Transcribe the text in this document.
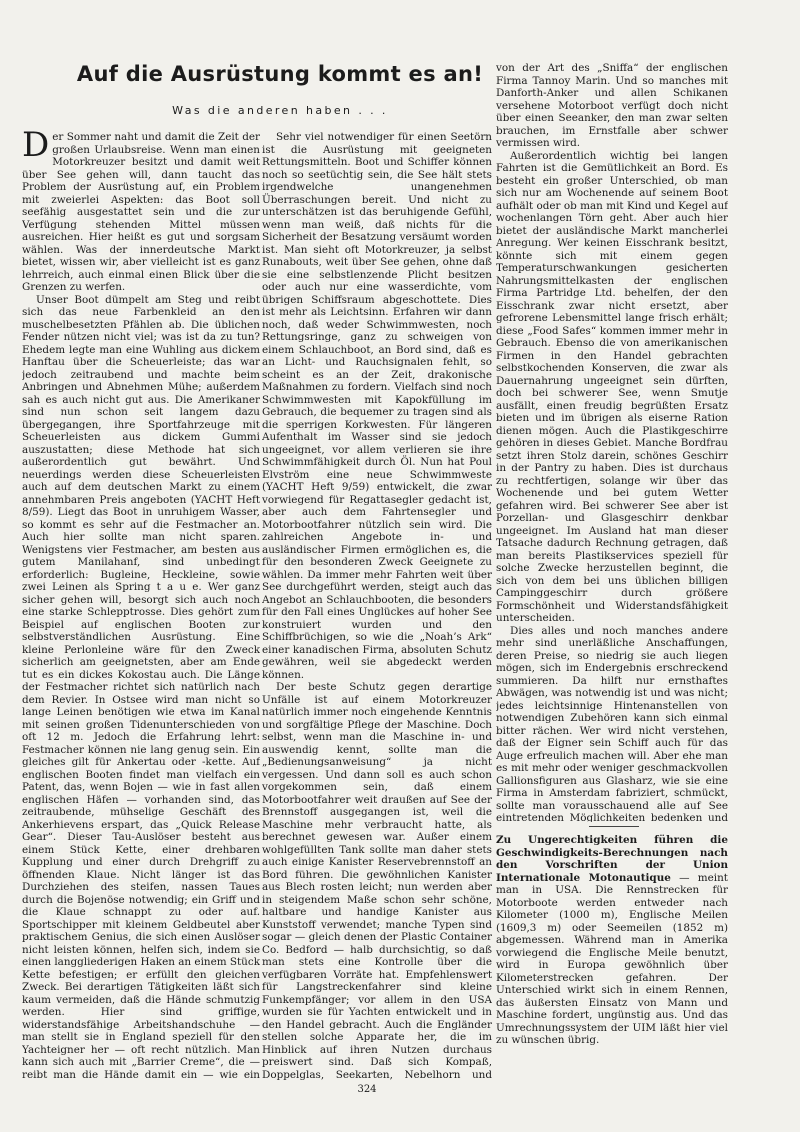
Auf die Ausrüstung kommt es an!
Was die anderen haben . . .

Der Sommer naht und damit die Zeit der großen Urlaubsreise. Wenn man einen Motorkreuzer besitzt und damit weit über See gehen will, dann taucht das Problem der Ausrüstung auf, ein Problem mit zweierlei Aspekten: das Boot soll seefähig ausgestattet sein und die zur Verfügung stehenden Mittel müssen ausreichen. Hier heißt es gut und sorgsam wählen. Was der innerdeutsche Markt bietet, wissen wir, aber vielleicht ist es ganz lehrreich, auch einmal einen Blick über die Grenzen zu werfen.

Unser Boot dümpelt am Steg und reibt sich das neue Farbenkleid an den muschelbesetzten Pfählen ab. Die üblichen Fender nützen nicht viel; was ist da zu tun? Ehedem legte man eine Wuhling aus dickem Hanftau über die Scheuerleiste; das war jedoch zeitraubend und machte beim Anbringen und Abnehmen Mühe; außerdem sah es auch nicht gut aus. Die Amerikaner sind nun schon seit langem dazu übergegangen, ihre Sportfahrzeuge mit Scheuerleisten aus dickem Gummi auszustatten; diese Methode hat sich außerordentlich gut bewährt. Und neuerdings werden diese Scheuerleisten auch auf dem deutschen Markt zu einem annehmbaren Preis angeboten (YACHT Heft 8/59). Liegt das Boot in unruhigem Wasser, so kommt es sehr auf die Festmacher an. Auch hier sollte man nicht sparen. Wenigstens vier Festmacher, am besten aus gutem Manilahanf, sind unbedingt erforderlich: Bugleine, Heckleine, sowie zwei Leinen als Spring t a u e. Wer ganz sicher gehen will, besorgt sich auch noch eine starke Schlepptrosse. Dies gehört zum Beispiel auf englischen Booten zur selbstverständlichen Ausrüstung. Eine kleine Perlonleine wäre für den Zweck sicherlich am geeignetsten, aber am Ende tut es ein dickes Kokostau auch. Die Länge der Festmacher richtet sich natürlich nach dem Revier. In Ostsee wird man nicht so lange Leinen benötigen wie etwa im Kanal mit seinen großen Tidenunterschieden von oft 12 m. Jedoch die Erfahrung lehrt: Festmacher können nie lang genug sein. Ein gleiches gilt für Ankertau oder -kette. Auf englischen Booten findet man vielfach ein Patent, das, wenn Bojen — wie in fast allen englischen Häfen — vorhanden sind, das zeitraubende, mühselige Geschäft des Ankerhievens erspart, das „Quick Release Gear“. Dieser Tau-Auslöser besteht aus einem Stück Kette, einer drehbaren Kupplung und einer durch Drehgriff zu öffnenden Klaue. Nicht länger ist das Durchziehen des steifen, nassen Taues durch die Bojenöse notwendig; ein Griff und die Klaue schnappt zu oder auf. Sportschipper mit kleinem Geldbeutel aber praktischem Genius, die sich einen Auslöser nicht leisten können, helfen sich, indem sie einen langgliederigen Haken an einem Stück Kette befestigen; er erfüllt den gleichen Zweck. Bei derartigen Tätigkeiten läßt sich kaum vermeiden, daß die Hände schmutzig werden. Hier sind griffige, widerstandsfähige Arbeitshandschuhe — man stellt sie in England speziell für den Yachteigner her — oft recht nützlich. Man kann sich auch mit „Barrier Creme“, die — reibt man die Hände damit ein — wie ein

Sehr viel notwendiger für einen Seetörn ist die Ausrüstung mit geeigneten Rettungsmitteln. Boot und Schiffer können noch so seetüchtig sein, die See hält stets irgendwelche unangenehmen Überraschungen bereit. Und nicht zu unterschätzen ist das beruhigende Gefühl, wenn man weiß, daß nichts für die Sicherheit der Besatzung versäumt worden ist. Man sieht oft Motorkreuzer, ja selbst Runabouts, weit über See gehen, ohne daß sie eine selbstlenzende Plicht besitzen oder auch nur eine wasserdichte, vom übrigen Schiffsraum abgeschottete. Dies ist mehr als Leichtsinn. Erfahren wir dann noch, daß weder Schwimmwesten, noch Rettungsringe, ganz zu schweigen von einem Schlauchboot, an Bord sind, daß es an Licht- und Rauchsignalen fehlt, so scheint es an der Zeit, drakonische Maßnahmen zu fordern. Vielfach sind noch Schwimmwesten mit Kapokfüllung im Gebrauch, die bequemer zu tragen sind als die sperrigen Korkwesten. Für längeren Aufenthalt im Wasser sind sie jedoch ungeeignet, vor allem verlieren sie ihre Schwimmfähigkeit durch Öl. Nun hat Poul Elvström eine neue Schwimmweste (YACHT Heft 9/59) entwickelt, die zwar vorwiegend für Regattasegler gedacht ist, aber auch dem Fahrtensegler und Motorbootfahrer nützlich sein wird. Die zahlreichen Angebote in- und ausländischer Firmen ermöglichen es, die für den besonderen Zweck Geeignete zu wählen. Da immer mehr Fahrten weit über See durchgeführt werden, steigt auch das Angebot an Schlauchbooten, die besonders für den Fall eines Unglückes auf hoher See konstruiert wurden und den Schiffbrüchigen, so wie die „Noah’s Ark“ einer kanadischen Firma, absoluten Schutz gewähren, weil sie abgedeckt werden können.

Der beste Schutz gegen derartige Unfälle ist auf einem Motorkreuzer natürlich immer noch eingehende Kenntnis und sorgfältige Pflege der Maschine. Doch selbst, wenn man die Maschine in- und auswendig kennt, sollte man die „Bedienungsanweisung“ ja nicht vergessen. Und dann soll es auch schon vorgekommen sein, daß einem Motorbootfahrer weit draußen auf See der Brennstoff ausgegangen ist, weil die Maschine mehr verbraucht hatte, als berechnet gewesen war. Außer einem wohlgefüllten Tank sollte man daher stets auch einige Kanister Reservebrennstoff an Bord führen. Die gewöhnlichen Kanister aus Blech rosten leicht; nun werden aber in steigendem Maße schon sehr schöne, haltbare und handige Kanister aus Kunststoff verwendet; manche Typen sind sogar — gleich denen der Plastic Container Co. Bedford — halb durchsichtig, so daß man stets eine Kontrolle über die verfügbaren Vorräte hat. Empfehlenswert für Langstreckenfahrer sind kleine Funkempfänger; vor allem in den USA wurden sie für Yachten entwickelt und in den Handel gebracht. Auch die Engländer stellen solche Apparate her, die im Hinblick auf ihren Nutzen durchaus preiswert sind. Daß sich Kompaß, Doppelglas, Seekarten, Nebelhorn und

von der Art des „Sniffa“ der englischen Firma Tannoy Marin. Und so manches mit Danforth-Anker und allen Schikanen versehene Motorboot verfügt doch nicht über einen Seeanker, den man zwar selten brauchen, im Ernstfalle aber schwer vermissen wird.

Außerordentlich wichtig bei langen Fahrten ist die Gemütlichkeit an Bord. Es besteht ein großer Unterschied, ob man sich nur am Wochenende auf seinem Boot aufhält oder ob man mit Kind und Kegel auf wochenlangen Törn geht. Aber auch hier bietet der ausländische Markt mancherlei Anregung. Wer keinen Eisschrank besitzt, könnte sich mit einem gegen Temperaturschwankungen gesicherten Nahrungsmittelkasten der englischen Firma Partridge Ltd. behelfen, der den Eisschrank zwar nicht ersetzt, aber gefrorene Lebensmittel lange frisch erhält; diese „Food Safes“ kommen immer mehr in Gebrauch. Ebenso die von amerikanischen Firmen in den Handel gebrachten selbstkochenden Konserven, die zwar als Dauernahrung ungeeignet sein dürften, doch bei schwerer See, wenn Smutje ausfällt, einen freudig begrüßten Ersatz bieten und im übrigen als eiserne Ration dienen mögen. Auch die Plastikgeschirre gehören in dieses Gebiet. Manche Bordfrau setzt ihren Stolz darein, schönes Geschirr in der Pantry zu haben. Dies ist durchaus zu rechtfertigen, solange wir über das Wochenende und bei gutem Wetter gefahren wird. Bei schwerer See aber ist Porzellan- und Glasgeschirr denkbar ungeeignet. Im Ausland hat man dieser Tatsache dadurch Rechnung getragen, daß man bereits Plastikservices speziell für solche Zwecke herzustellen beginnt, die sich von dem bei uns üblichen billigen Campinggeschirr durch größere Formschönheit und Widerstandsfähigkeit unterscheiden.

Dies alles und noch manches andere mehr sind unerläßliche Anschaffungen, deren Preise, so niedrig sie auch liegen mögen, sich im Endergebnis erschreckend summieren. Da hilft nur ernsthaftes Abwägen, was notwendig ist und was nicht; jedes leichtsinnige Hintenanstellen von notwendigen Zubehören kann sich einmal bitter rächen. Wer wird nicht verstehen, daß der Eigner sein Schiff auch für das Auge erfreulich machen will. Aber ehe man es mit mehr oder weniger geschmackvollen Gallionsfiguren aus Glasharz, wie sie eine Firma in Amsterdam fabriziert, schmückt, sollte man vorausschauend alle auf See eintretenden Möglichkeiten bedenken und

Zu Ungerechtigkeiten führen die Geschwindigkeits-Berechnungen nach den Vorschriften der Union Internationale Motonautique — meint man in USA. Die Rennstrecken für Motorboote werden entweder nach Kilometer (1000 m), Englische Meilen (1609,3 m) oder Seemeilen (1852 m) abgemessen. Während man in Amerika vorwiegend die Englische Meile benutzt, wird in Europa gewöhnlich über Kilometerstrecken gefahren. Der Unterschied wirkt sich in einem Rennen, das äußersten Einsatz von Mann und Maschine fordert, ungünstig aus. Und das Umrechnungssystem der UIM läßt hier viel zu wünschen übrig.
324
